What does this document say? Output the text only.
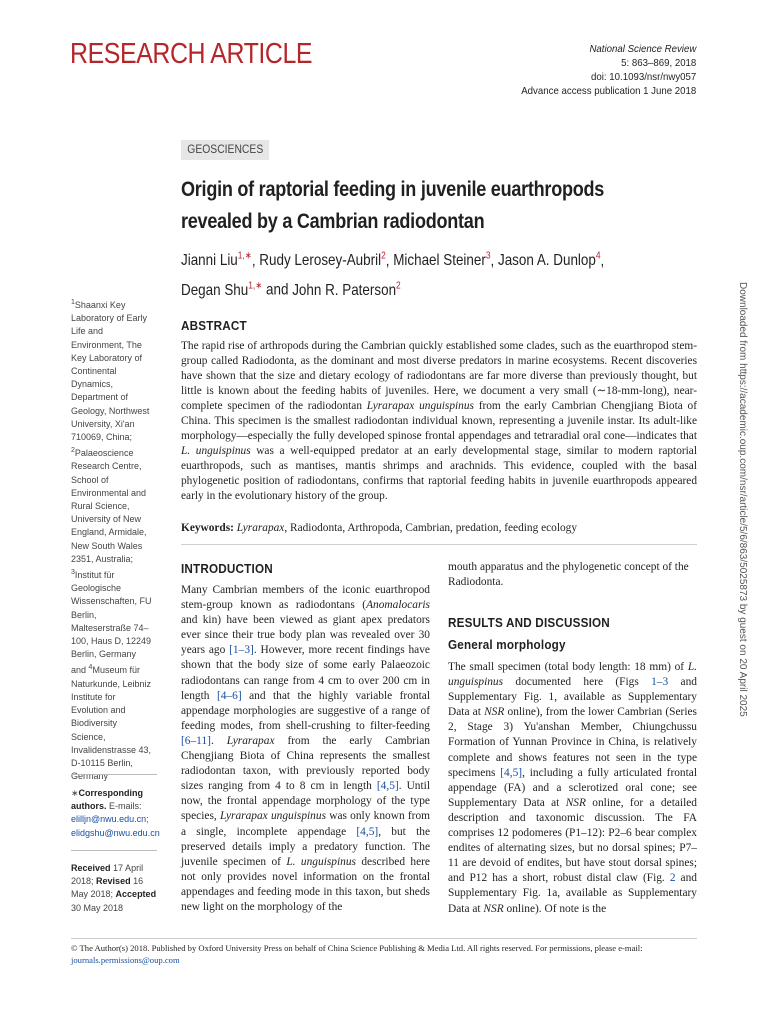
RESEARCH ARTICLE	National Science Review
5: 863–869, 2018
doi: 10.1093/nsr/nwy057
Advance access publication 1 June 2018
GEOSCIENCES
Origin of raptorial feeding in juvenile euarthropods
revealed by a Cambrian radiodontan
Jianni Liu$^{1,∗}$, Rudy Lerosey-Aubril$^2$, Michael Steiner$^3$, Jason A. Dunlop$^4$,
Degan Shu$^{1,∗}$ and John R. Paterson$^2$
$^1$Shaanxi Key Laboratory of Early Life and Environment, The Key Laboratory of Continental Dynamics, Department of Geology, Northwest University, Xi'an 710069, China; $^2$Palaeoscience Research Centre, School of Environmental and Rural Science, University of New England, Armidale, New South Wales 2351, Australia; $^3$Institut für Geologische Wissenschaften, FU Berlin, Malteserstraße 74–100, Haus D, 12249 Berlin, Germany and $^4$Museum für Naturkunde, Leibniz Institute for Evolution and Biodiversity Science, Invalidenstrasse 43, D-10115 Berlin, Germany
∗Corresponding authors. E-mails:
elilljn@nwu.edu.cn;
elidgshu@nwu.edu.cn
Received 17 April 2018; Revised 16 May 2018; Accepted 30 May 2018
ABSTRACT
The rapid rise of arthropods during the Cambrian quickly established some clades, such as the euarthropod stem-group called Radiodonta, as the dominant and most diverse predators in marine ecosystems. Recent discoveries have shown that the size and dietary ecology of radiodontans are far more diverse than previously thought, but little is known about the feeding habits of juveniles. Here, we document a very small (∼18-mm-long), near-complete specimen of the radiodontan Lyrarapax unguispinus from the early Cambrian Chengjiang Biota of China. This specimen is the smallest radiodontan individual known, representing a juvenile instar. Its adult-like morphology—especially the fully developed spinose frontal appendages and tetraradial oral cone—indicates that L. unguispinus was a well-equipped predator at an early developmental stage, similar to modern raptorial euarthropods, such as mantises, mantis shrimps and arachnids. This evidence, coupled with the basal phylogenetic position of radiodontans, confirms that raptorial feeding habits in juvenile euarthropods appeared early in the evolutionary history of the group.
Keywords: Lyrarapax, Radiodonta, Arthropoda, Cambrian, predation, feeding ecology
INTRODUCTION
Many Cambrian members of the iconic euarthropod stem-group known as radiodontans (Anomalocaris and kin) have been viewed as giant apex predators ever since their true body plan was revealed over 30 years ago [1–3]. However, more recent findings have shown that the body size of some early Palaeozoic radiodontans can range from 4 cm to over 200 cm in length [4–6] and that the highly variable frontal appendage morphologies are suggestive of a range of feeding modes, from shell-crushing to filter-feeding [6–11]. Lyrarapax from the early Cambrian Chengjiang Biota of China represents the smallest radiodontan taxon, with previously reported body sizes ranging from 4 to 8 cm in length [4,5]. Until now, the frontal appendage morphology of the type species, Lyrarapax unguispinus was only known from a single, incomplete appendage [4,5], but the preserved details imply a predatory function. The juvenile specimen of L. unguispinus described here not only provides novel information on the frontal appendages and feeding mode in this taxon, but sheds new light on the morphology of the
mouth apparatus and the phylogenetic concept of the Radiodonta.
RESULTS AND DISCUSSION
General morphology
The small specimen (total body length: 18 mm) of L. unguispinus documented here (Figs 1–3 and Supplementary Fig. 1, available as Supplementary Data at NSR online), from the lower Cambrian (Series 2, Stage 3) Yu'anshan Member, Chiungchussu Formation of Yunnan Province in China, is relatively complete and shows features not seen in the type specimens [4,5], including a fully articulated frontal appendage (FA) and a sclerotized oral cone; see Supplementary Data at NSR online, for a detailed description and taxonomic discussion. The FA comprises 12 podomeres (P1–12): P2–6 bear complex endites of alternating sizes, but no dorsal spines; P7–11 are devoid of endites, but have stout dorsal spines; and P12 has a short, robust distal claw (Fig. 2 and Supplementary Fig. 1a, available as Supplementary Data at NSR online). Of note is the
© The Author(s) 2018. Published by Oxford University Press on behalf of China Science Publishing & Media Ltd. All rights reserved. For permissions, please e-mail:
journals.permissions@oup.com
Downloaded from https://academic.oup.com/nsr/article/5/6/863/5025873 by guest on 20 April 2025
